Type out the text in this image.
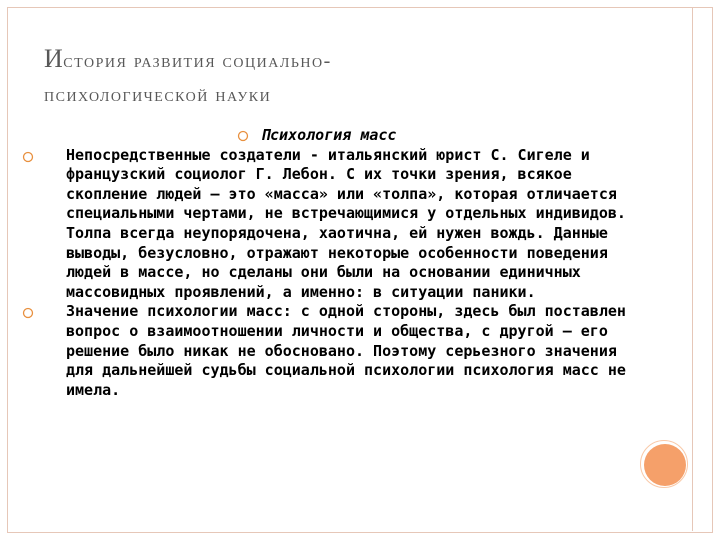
История развития социально-
психологической науки
Психология масс
Непосредственные создатели - итальянский юрист С. Сигеле и французский социолог Г. Лебон. С их точки зрения, всякое скопление людей – это «масса» или «толпа», которая отличается специальными чертами, не встречающимися у отдельных индивидов. Толпа всегда неупорядочена, хаотична, ей нужен вождь. Данные выводы, безусловно, отражают некоторые особенности поведения людей в массе, но сделаны они были на основании единичных массовидных проявлений, а именно: в ситуации паники.
Значение психологии масс: с одной стороны, здесь был поставлен вопрос о взаимоотношении личности и общества, с другой – его решение было никак не обосновано. Поэтому серьезного значения для дальнейшей судьбы социальной психологии психология масс не имела.
